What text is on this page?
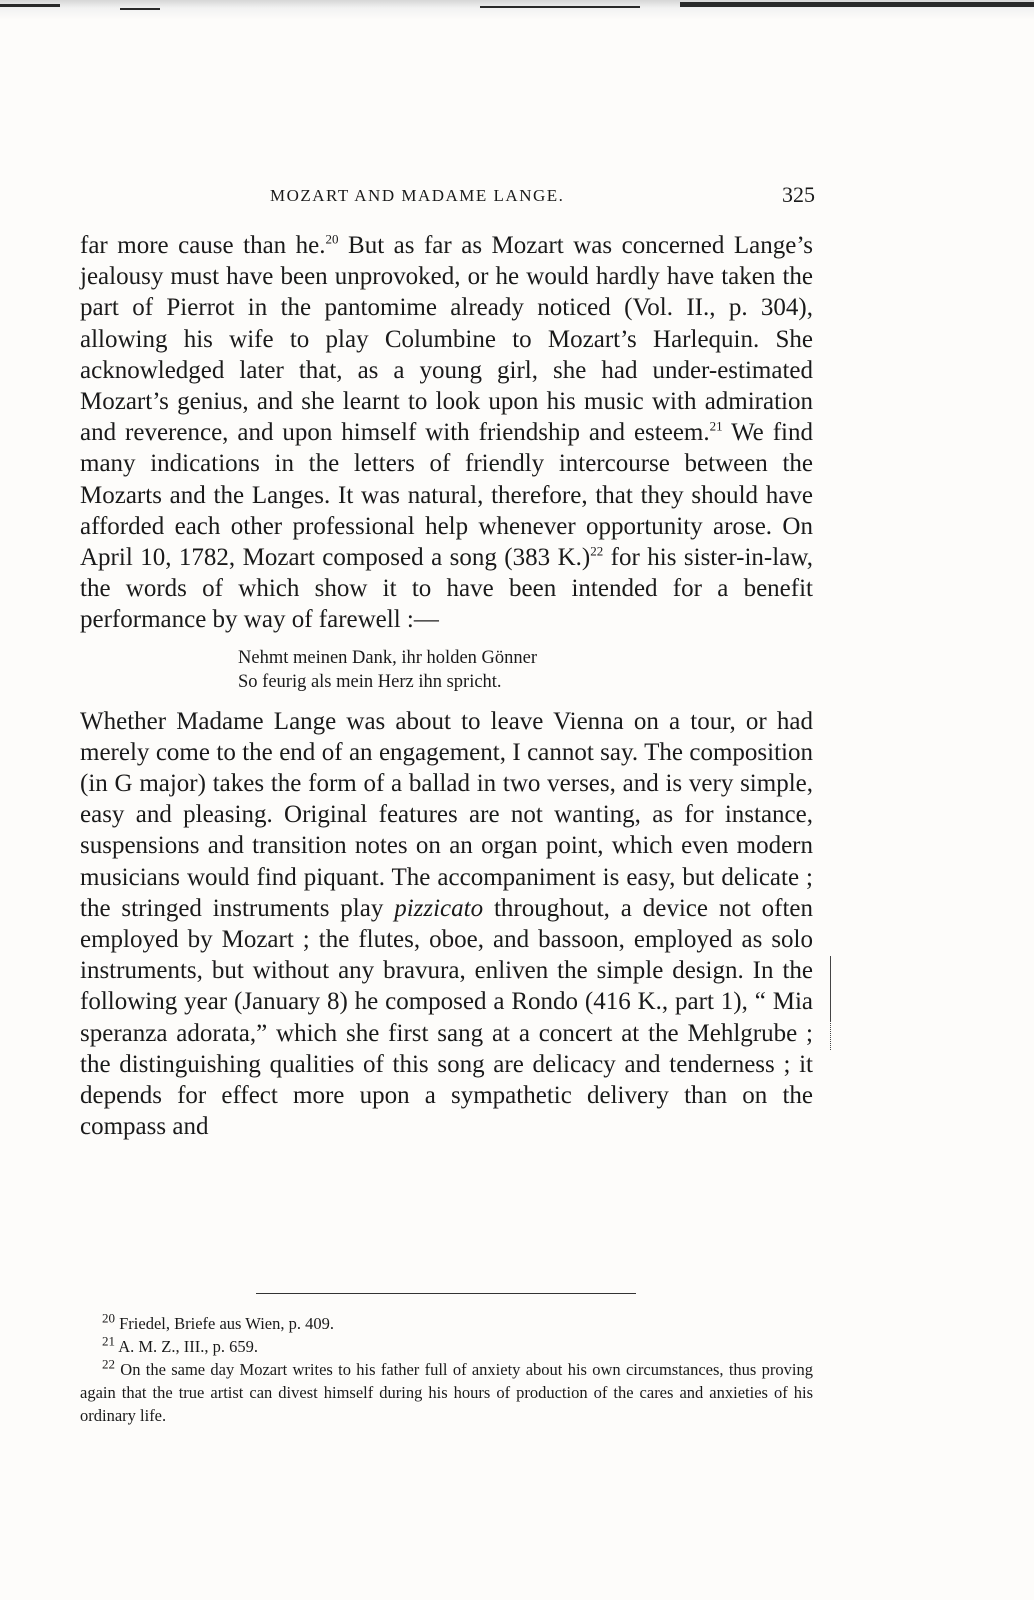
MOZART AND MADAME LANGE.	325

far more cause than he.$^{20}$ But as far as Mozart was concerned Lange’s jealousy must have been unprovoked, or he would hardly have taken the part of Pierrot in the pantomime already noticed (Vol. II., p. 304), allowing his wife to play Columbine to Mozart’s Harlequin. She acknowledged later that, as a young girl, she had under-estimated Mozart’s genius, and she learnt to look upon his music with admiration and reverence, and upon himself with friendship and esteem.$^{21}$ We find many indications in the letters of friendly intercourse between the Mozarts and the Langes. It was natural, therefore, that they should have afforded each other professional help whenever opportunity arose. On April 10, 1782, Mozart composed a song (383 K.)$^{22}$ for his sister-in-law, the words of which show it to have been intended for a benefit performance by way of farewell :—

Nehmt meinen Dank, ihr holden Gönner
So feurig als mein Herz ihn spricht.

Whether Madame Lange was about to leave Vienna on a tour, or had merely come to the end of an engagement, I cannot say. The composition (in G major) takes the form of a ballad in two verses, and is very simple, easy and pleasing. Original features are not wanting, as for instance, suspensions and transition notes on an organ point, which even modern musicians would find piquant. The accompaniment is easy, but delicate ; the stringed instruments play pizzicato throughout, a device not often employed by Mozart ; the flutes, oboe, and bassoon, employed as solo instruments, but without any bravura, enliven the simple design. In the following year (January 8) he composed a Rondo (416 K., part 1), “ Mia speranza adorata,” which she first sang at a concert at the Mehlgrube ; the distinguishing qualities of this song are delicacy and tenderness ; it depends for effect more upon a sympathetic delivery than on the compass and

$^{20}$ Friedel, Briefe aus Wien, p. 409.

$^{21}$ A. M. Z., III., p. 659.

$^{22}$ On the same day Mozart writes to his father full of anxiety about his own circumstances, thus proving again that the true artist can divest himself during his hours of production of the cares and anxieties of his ordinary life.
